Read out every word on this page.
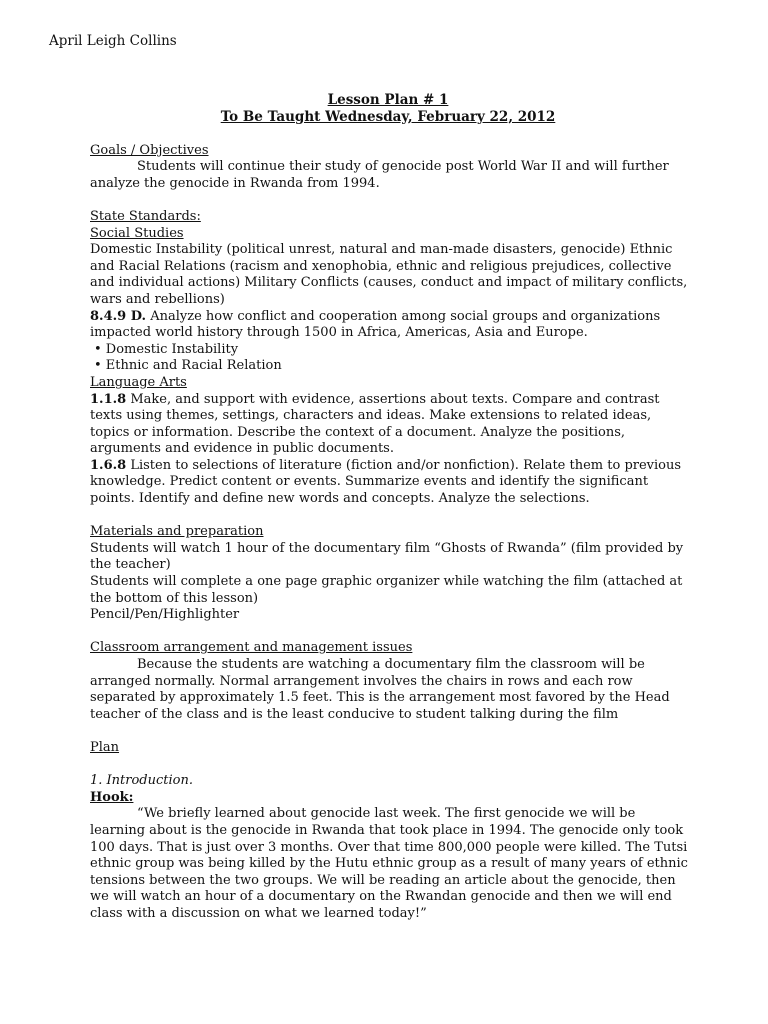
April Leigh Collins
Lesson Plan # 1
To Be Taught Wednesday, February 22, 2012
Goals / Objectives

Students will continue their study of genocide post World War II and will further analyze the genocide in Rwanda from 1994.

State Standards:
Social Studies

Domestic Instability (political unrest, natural and man-made disasters, genocide) Ethnic and Racial Relations (racism and xenophobia, ethnic and religious prejudices, collective and individual actions) Military Conflicts (causes, conduct and impact of military conflicts, wars and rebellions)

8.4.9 D. Analyze how conflict and cooperation among social groups and organizations impacted world history through 1500 in Africa, Americas, Asia and Europe.

• Domestic Instability
• Ethnic and Racial Relation
Language Arts

1.1.8 Make, and support with evidence, assertions about texts. Compare and contrast texts using themes, settings, characters and ideas. Make extensions to related ideas, topics or information. Describe the context of a document. Analyze the positions, arguments and evidence in public documents.

1.6.8 Listen to selections of literature (fiction and/or nonfiction). Relate them to previous knowledge. Predict content or events. Summarize events and identify the significant points. Identify and define new words and concepts. Analyze the selections.

Materials and preparation

Students will watch 1 hour of the documentary film “Ghosts of Rwanda” (film provided by the teacher)

Students will complete a one page graphic organizer while watching the film (attached at the bottom of this lesson)

Pencil/Pen/Highlighter

Classroom arrangement and management issues

Because the students are watching a documentary film the classroom will be arranged normally. Normal arrangement involves the chairs in rows and each row separated by approximately 1.5 feet. This is the arrangement most favored by the Head teacher of the class and is the least conducive to student talking during the film

Plan
1. Introduction.
Hook:

“We briefly learned about genocide last week. The first genocide we will be learning about is the genocide in Rwanda that took place in 1994. The genocide only took 100 days. That is just over 3 months. Over that time 800,000 people were killed. The Tutsi ethnic group was being killed by the Hutu ethnic group as a result of many years of ethnic tensions between the two groups. We will be reading an article about the genocide, then we will watch an hour of a documentary on the Rwandan genocide and then we will end class with a discussion on what we learned today!”
